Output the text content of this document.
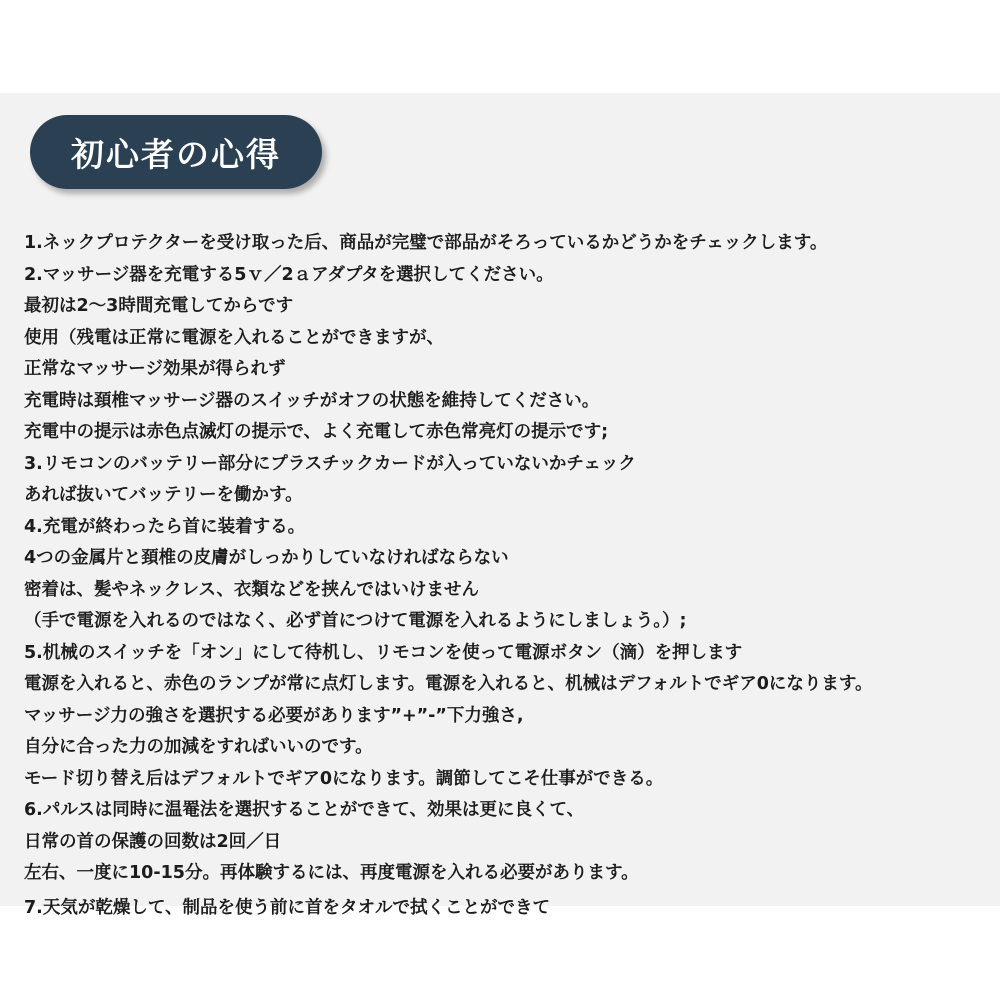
初心者の心得
1.ネックプロテクターを受け取った后、商品が完璧で部品がそろっているかどうかをチェックします。
2.マッサージ器を充電する5ｖ／2ａアダプタを選択してください。
最初は2～3時間充電してからです
使用（残電は正常に電源を入れることができますが、
正常なマッサージ効果が得られず
充電時は頚椎マッサージ器のスイッチがオフの状態を維持してください。
充電中の提示は赤色点滅灯の提示で、よく充電して赤色常亮灯の提示です;
3.リモコンのバッテリー部分にプラスチックカードが入っていないかチェック
あれば抜いてバッテリーを働かす。
4.充電が終わったら首に装着する。
4つの金属片と頚椎の皮膚がしっかりしていなければならない
密着は、髪やネックレス、衣類などを挟んではいけません
（手で電源を入れるのではなく、必ず首につけて電源を入れるようにしましょう。）;
5.机械のスイッチを「オン」にして待机し、リモコンを使って電源ボタン（滴）を押します
電源を入れると、赤色のランプが常に点灯します。電源を入れると、机械はデフォルトでギア0になります。
マッサージ力の強さを選択する必要があります”+”-”下力強さ,
自分に合った力の加減をすればいいのです。
モード切り替え后はデフォルトでギア0になります。調節してこそ仕事ができる。
6.パルスは同時に温罨法を選択することができて、効果は更に良くて、
日常の首の保護の回数は2回／日
左右、一度に10-15分。再体験するには、再度電源を入れる必要があります。
7.天気が乾燥して、制品を使う前に首をタオルで拭くことができて
